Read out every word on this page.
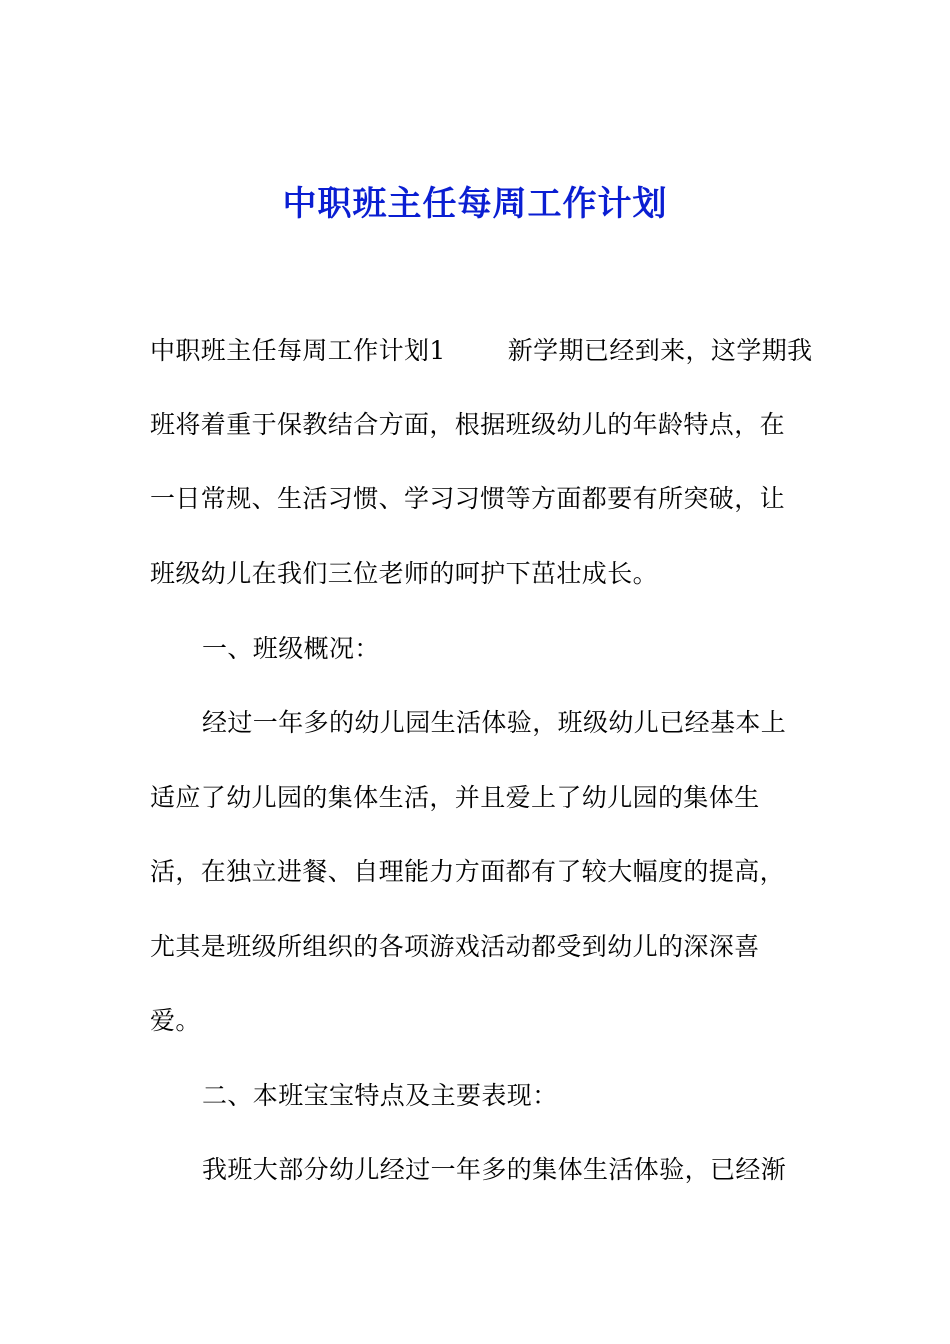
中职班主任每周工作计划
中职班主任每周工作计划1 新学期已经到来，这学期我
班将着重于保教结合方面，根据班级幼儿的年龄特点，在
一日常规、生活习惯、学习习惯等方面都要有所突破，让
班级幼儿在我们三位老师的呵护下茁壮成长。
一、班级概况：
经过一年多的幼儿园生活体验，班级幼儿已经基本上
适应了幼儿园的集体生活，并且爱上了幼儿园的集体生
活，在独立进餐、自理能力方面都有了较大幅度的提高，
尤其是班级所组织的各项游戏活动都受到幼儿的深深喜
爱。
二、本班宝宝特点及主要表现：
我班大部分幼儿经过一年多的集体生活体验，已经渐
